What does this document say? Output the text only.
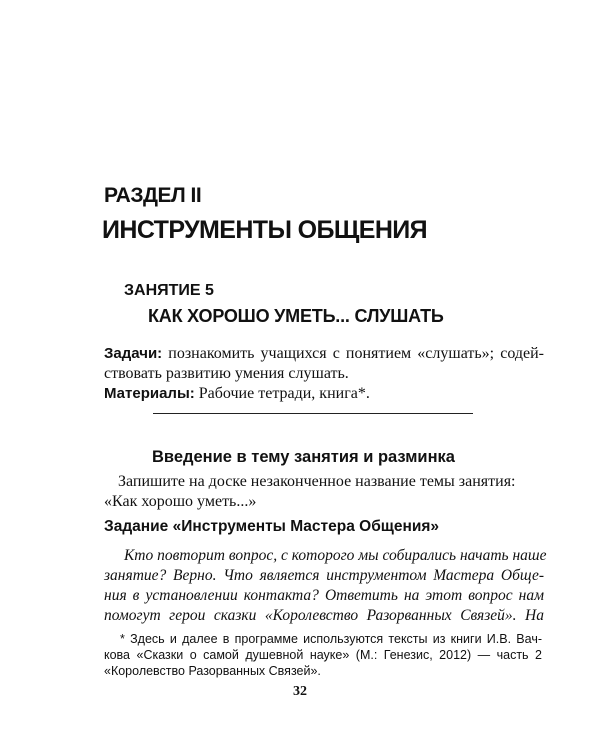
РАЗДЕЛ II
ИНСТРУМЕНТЫ ОБЩЕНИЯ
ЗАНЯТИЕ 5
КАК ХОРОШО УМЕТЬ... СЛУШАТЬ
Задачи: познакомить учащихся с понятием «слушать»; содей-
ствовать развитию умения слушать.
Материалы: Рабочие тетради, книга*.
Введение в тему занятия и разминка
Запишите на доске незаконченное название темы занятия:
«Как хорошо уметь...»
Задание «Инструменты Мастера Общения»
Кто повторит вопрос, с которого мы собирались начать наше
занятие? Верно. Что является инструментом Мастера Обще-
ния в установлении контакта? Ответить на этот вопрос нам
помогут герои сказки «Королевство Разорванных Связей». На
* Здесь и далее в программе используются тексты из книги И.В. Вач-
кова «Сказки о самой душевной науке» (М.: Генезис, 2012) — часть 2
«Королевство Разорванных Связей».
32
